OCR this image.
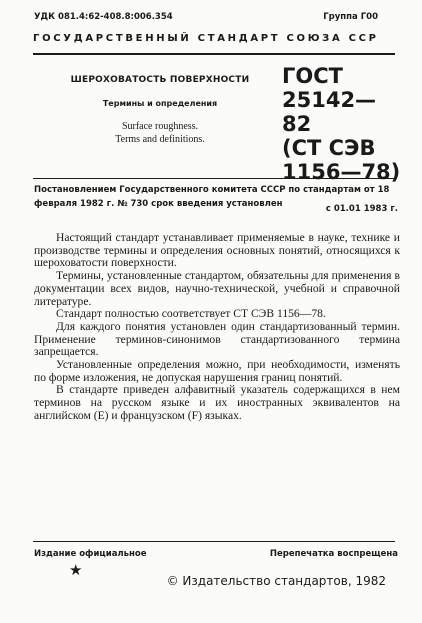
УДК 081.4:62-408.8:006.354	Группа Г00
ГОСУДАРСТВЕННЫЙ СТАНДАРТ СОЮЗА ССР
ШЕРОХОВАТОСТЬ ПОВЕРХНОСТИ
Термины и определения
Surface roughness.
Terms and definitions.
ГОСТ
25142—82
(СТ СЭВ
1156—78)
Постановлением Государственного комитета СССР по стандартам от 18 февраля 1982 г. № 730 срок введения установлен	с 01.01 1983 г.

Настоящий стандарт устанавливает применяемые в науке, технике и производстве термины и определения основных понятий, относящихся к шероховатости поверхности.

Термины, установленные стандартом, обязательны для применения в документации всех видов, научно-технической, учебной и справочной литературе.

Стандарт полностью соответствует СТ СЭВ 1156—78.

Для каждого понятия установлен один стандартизованный термин. Применение терминов-синонимов стандартизованного термина запрещается.

Установленные определения можно, при необходимости, изменять по форме изложения, не допуская нарушения границ понятий.

В стандарте приведен алфавитный указатель содержащихся в нем терминов на русском языке и их иностранных эквивалентов на английском (Е) и французском (F) языках.

Издание официальное	Перепечатка воспрещена
★
© Издательство стандартов, 1982
